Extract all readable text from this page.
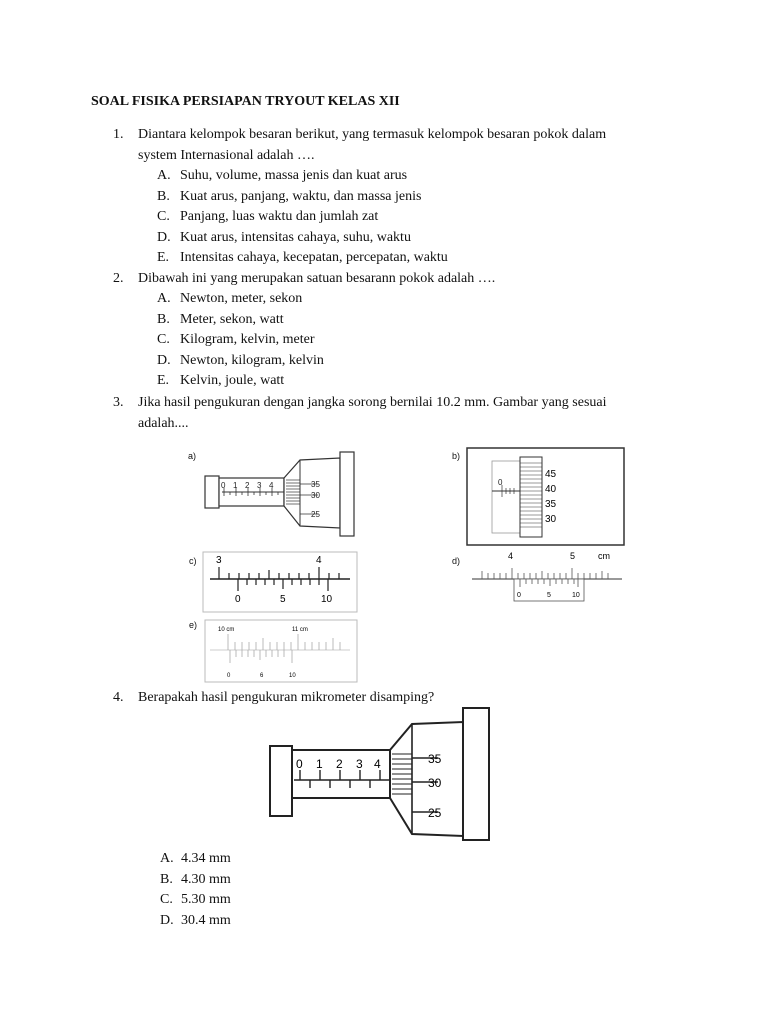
SOAL FISIKA PERSIAPAN TRYOUT KELAS XII
1.	Diantara kelompok besaran berikut, yang termasuk kelompok besaran pokok dalam
system Internasional adalah ….
A. Suhu, volume, massa jenis dan kuat arus
B. Kuat arus, panjang, waktu, dan massa jenis
C. Panjang, luas waktu dan jumlah zat
D. Kuat arus, intensitas cahaya, suhu, waktu
E. Intensitas cahaya, kecepatan, percepatan, waktu
2.	Dibawah ini yang merupakan satuan besarann pokok adalah ….
A. Newton, meter, sekon
B. Meter, sekon, watt
C. Kilogram, kelvin, meter
D. Newton, kilogram, kelvin
E. Kelvin, joule, watt
3.	Jika hasil pengukuran dengan jangka sorong bernilai 10.2 mm. Gambar yang sesuai
adalah....
a)
0 1 2 3 4	35
30
25
b)
0
45
40
35
30
c) 3	4
0	5	10
d)	4	5	cm
0	5	10
e)	10 cm	11 cm
0	6	10
4.	Berapakah hasil pengukuran mikrometer disamping?
0 1 2 3 4	35
30
25
A. 4.34 mm
B. 4.30 mm
C. 5.30 mm
D. 30.4 mm
